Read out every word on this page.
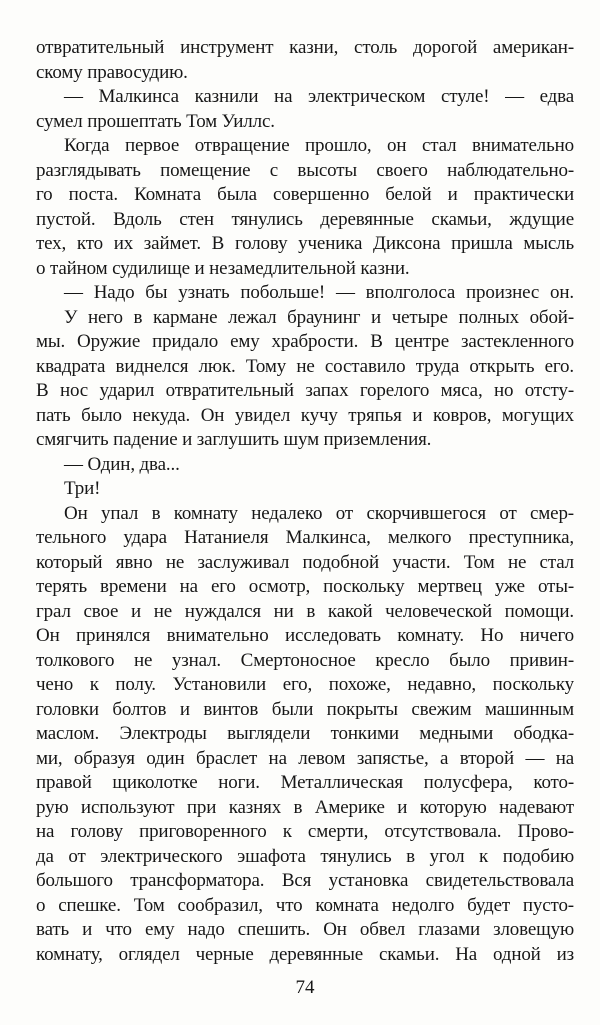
отвратительный инструмент казни, столь дорогой американ-
скому правосудию.
— Малкинса казнили на электрическом стуле! — едва
сумел прошептать Том Уиллс.
Когда первое отвращение прошло, он стал внимательно
разглядывать помещение с высоты своего наблюдательно-
го поста. Комната была совершенно белой и практически
пустой. Вдоль стен тянулись деревянные скамьи, ждущие
тех, кто их займет. В голову ученика Диксона пришла мысль
о тайном судилище и незамедлительной казни.
— Надо бы узнать побольше! — вполголоса произнес он.
У него в кармане лежал браунинг и четыре полных обой-
мы. Оружие придало ему храбрости. В центре застекленного
квадрата виднелся люк. Тому не составило труда открыть его.
В нос ударил отвратительный запах горелого мяса, но отсту-
пать было некуда. Он увидел кучу тряпья и ковров, могущих
смягчить падение и заглушить шум приземления.
— Один, два...
Три!
Он упал в комнату недалеко от скорчившегося от смер-
тельного удара Натаниеля Малкинса, мелкого преступника,
который явно не заслуживал подобной участи. Том не стал
терять времени на его осмотр, поскольку мертвец уже оты-
грал свое и не нуждался ни в какой человеческой помощи.
Он принялся внимательно исследовать комнату. Но ничего
толкового не узнал. Смертоносное кресло было привин-
чено к полу. Установили его, похоже, недавно, поскольку
головки болтов и винтов были покрыты свежим машинным
маслом. Электроды выглядели тонкими медными ободка-
ми, образуя один браслет на левом запястье, а второй — на
правой щиколотке ноги. Металлическая полусфера, кото-
рую используют при казнях в Америке и которую надевают
на голову приговоренного к смерти, отсутствовала. Прово-
да от электрического эшафота тянулись в угол к подобию
большого трансформатора. Вся установка свидетельствовала
о спешке. Том сообразил, что комната недолго будет пусто-
вать и что ему надо спешить. Он обвел глазами зловещую
комнату, оглядел черные деревянные скамьи. На одной из
74
